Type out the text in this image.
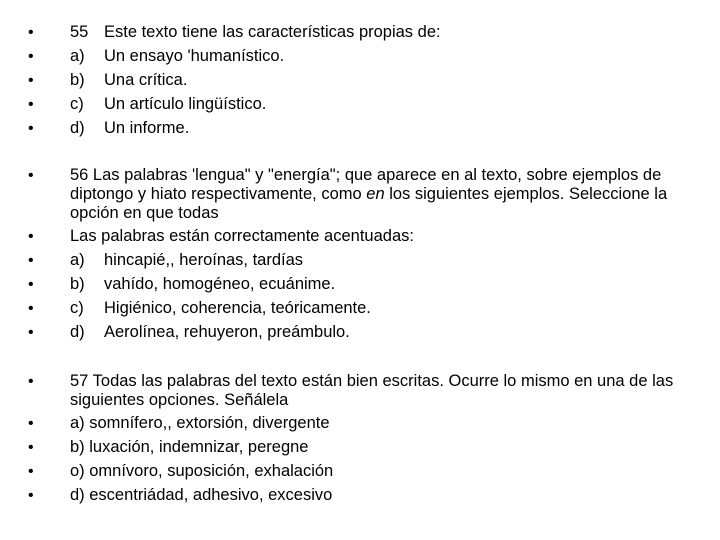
•	55 Este texto tiene las características propias de:
•	a) Un ensayo 'humanístico.
•	b) Una crítica.
•	c) Un artículo lingüístico.
•	d) Un informe.
•	56 Las palabras 'lengua" y "energía"; que aparece en al texto, sobre ejemplos de diptongo y hiato respectivamente, como en los siguientes ejemplos. Seleccione la opción en que todas
•	Las palabras están correctamente acentuadas:
•	a) hincapié,, heroínas, tardías
•	b) vahído, homogéneo, ecuánime.
•	c) Higiénico, coherencia, teóricamente.
•	d) Aerolínea, rehuyeron, preámbulo.
•	57 Todas las palabras del texto están bien escritas. Ocurre lo mismo en una de las siguientes opciones. Señálela
•	a) somnífero,, extorsión, divergente
•	b) luxación, indemnizar, peregne
•	o) omnívoro, suposición, exhalación
•	d) escentriádad, adhesivo, excesivo
